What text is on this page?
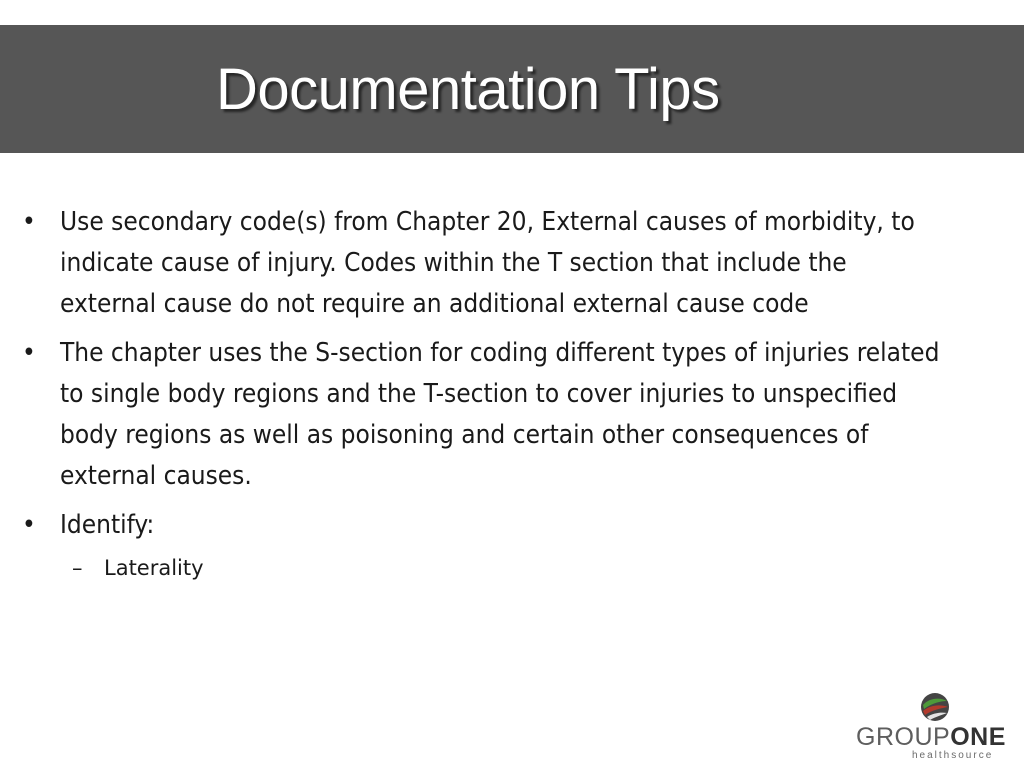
Documentation Tips
• Use secondary code(s) from Chapter 20, External causes of morbidity, to indicate cause of injury. Codes within the T section that include the external cause do not require an additional external cause code
• The chapter uses the S-section for coding different types of injuries related to single body regions and the T-section to cover injuries to unspecified body regions as well as poisoning and certain other consequences of external causes.
• Identify:
– Laterality
GROUPONE
healthsource
